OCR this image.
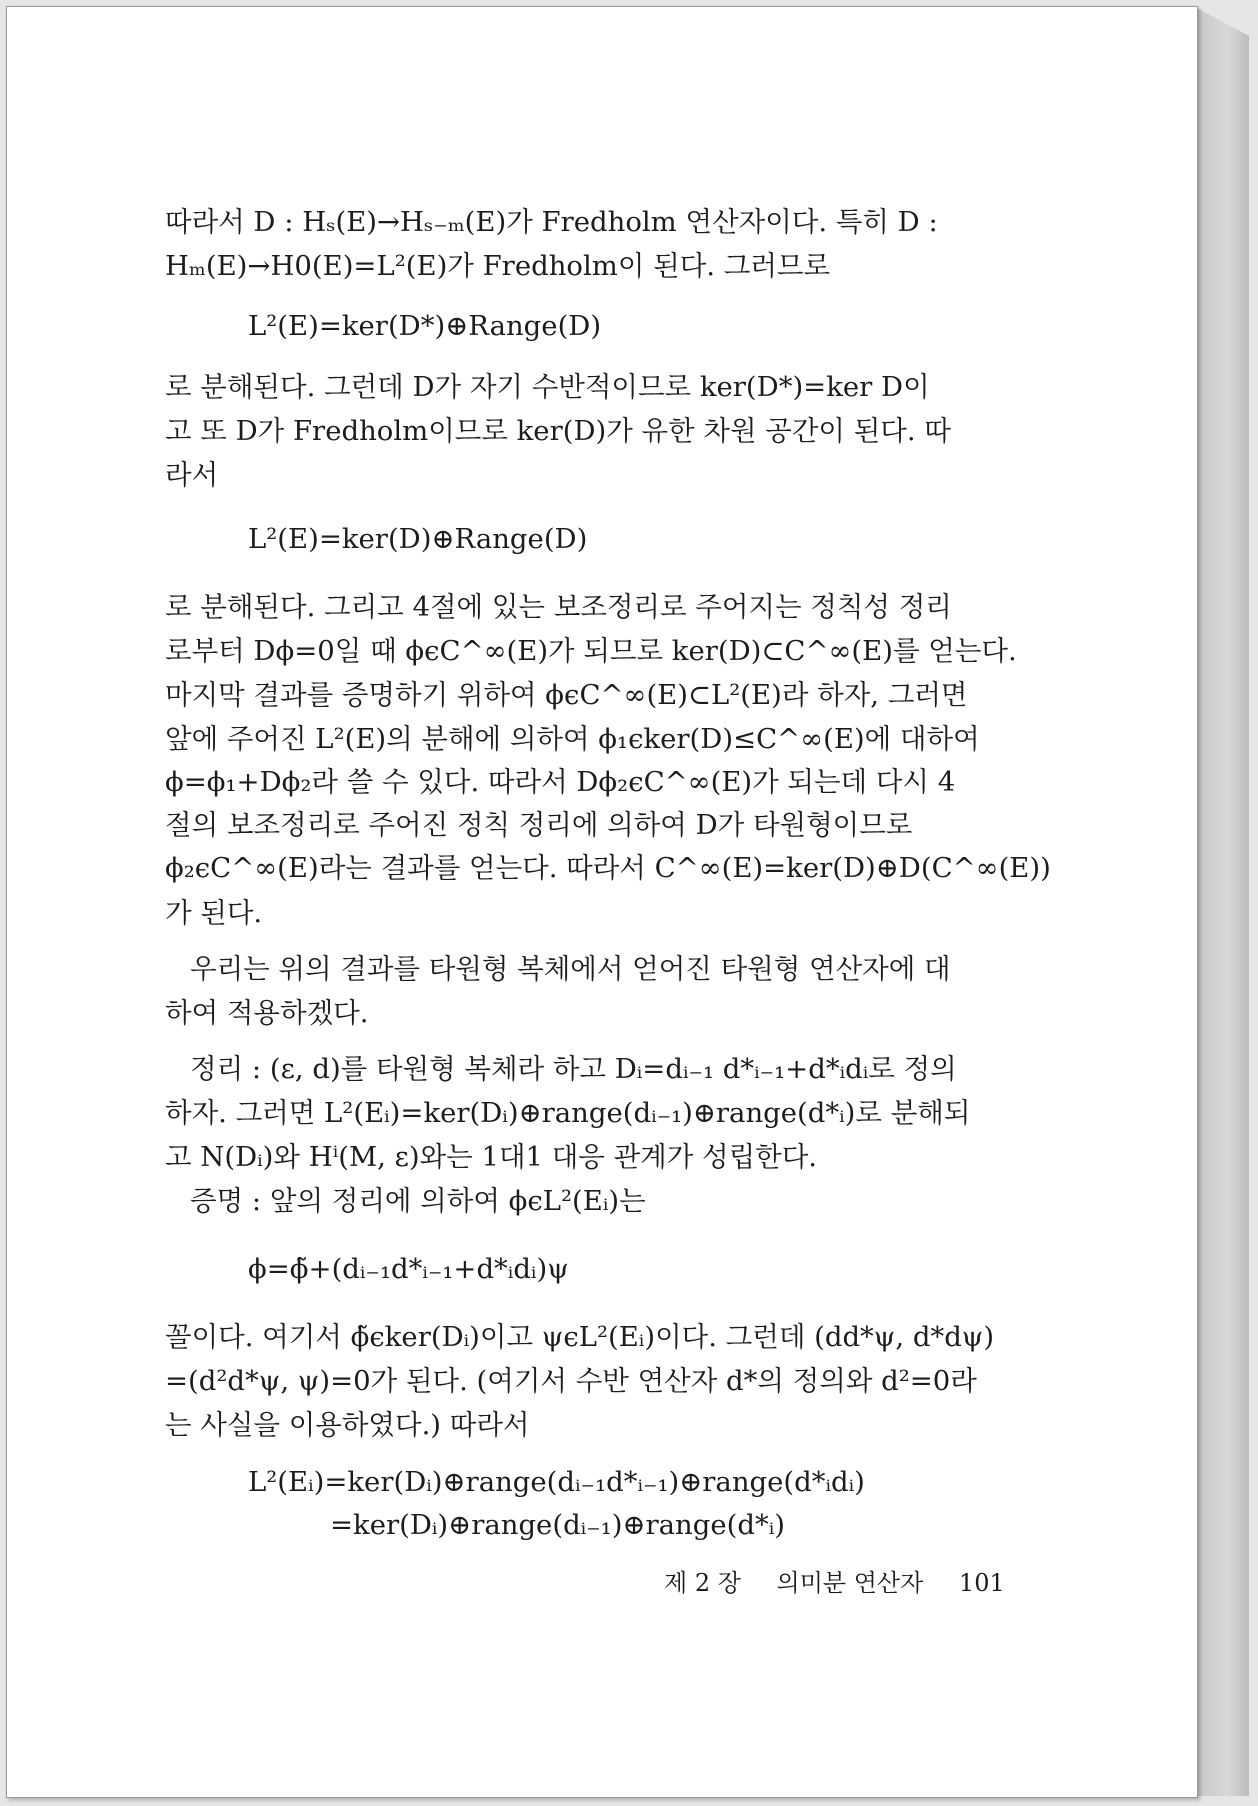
따라서 D : Hₛ(E)→Hₛ₋ₘ(E)가 Fredholm 연산자이다. 특히 D :
Hₘ(E)→H0(E)=L²(E)가 Fredholm이 된다. 그러므로
L²(E)=ker(D*)⊕Range(D)
로 분해된다. 그런데 D가 자기 수반적이므로 ker(D*)=ker D이
고 또 D가 Fredholm이므로 ker(D)가 유한 차원 공간이 된다. 따
라서
L²(E)=ker(D)⊕Range(D)
로 분해된다. 그리고 4절에 있는 보조정리로 주어지는 정칙성 정리
로부터 Dϕ=0일 때 ϕϵC^∞(E)가 되므로 ker(D)⊂C^∞(E)를 얻는다.
마지막 결과를 증명하기 위하여 ϕϵC^∞(E)⊂L²(E)라 하자, 그러면
앞에 주어진 L²(E)의 분해에 의하여 ϕ₁ϵker(D)≤C^∞(E)에 대하여
ϕ=ϕ₁+Dϕ₂라 쓸 수 있다. 따라서 Dϕ₂ϵC^∞(E)가 되는데 다시 4
절의 보조정리로 주어진 정칙 정리에 의하여 D가 타원형이므로
ϕ₂ϵC^∞(E)라는 결과를 얻는다. 따라서 C^∞(E)=ker(D)⊕D(C^∞(E))
가 된다.
우리는 위의 결과를 타원형 복체에서 얻어진 타원형 연산자에 대
하여 적용하겠다.
정리 : (ε, d)를 타원형 복체라 하고 Dᵢ=dᵢ₋₁ d*ᵢ₋₁+d*ᵢdᵢ로 정의
하자. 그러면 L²(Eᵢ)=ker(Dᵢ)⊕range(dᵢ₋₁)⊕range(d*ᵢ)로 분해되
고 N(Dᵢ)와 Hⁱ(M, ε)와는 1대1 대응 관계가 성립한다.
증명 : 앞의 정리에 의하여 ϕϵL²(Eᵢ)는
ϕ=ϕ̃+(dᵢ₋₁d*ᵢ₋₁+d*ᵢdᵢ)ψ
꼴이다. 여기서 ϕ̃ϵker(Dᵢ)이고 ψϵL²(Eᵢ)이다. 그런데 (dd*ψ, d*dψ)
=(d²d*ψ, ψ)=0가 된다. (여기서 수반 연산자 d*의 정의와 d²=0라
는 사실을 이용하였다.) 따라서
L²(Eᵢ)=ker(Dᵢ)⊕range(dᵢ₋₁d*ᵢ₋₁)⊕range(d*ᵢdᵢ)
=ker(Dᵢ)⊕range(dᵢ₋₁)⊕range(d*ᵢ)
제 2 장 의미분 연산자 101
